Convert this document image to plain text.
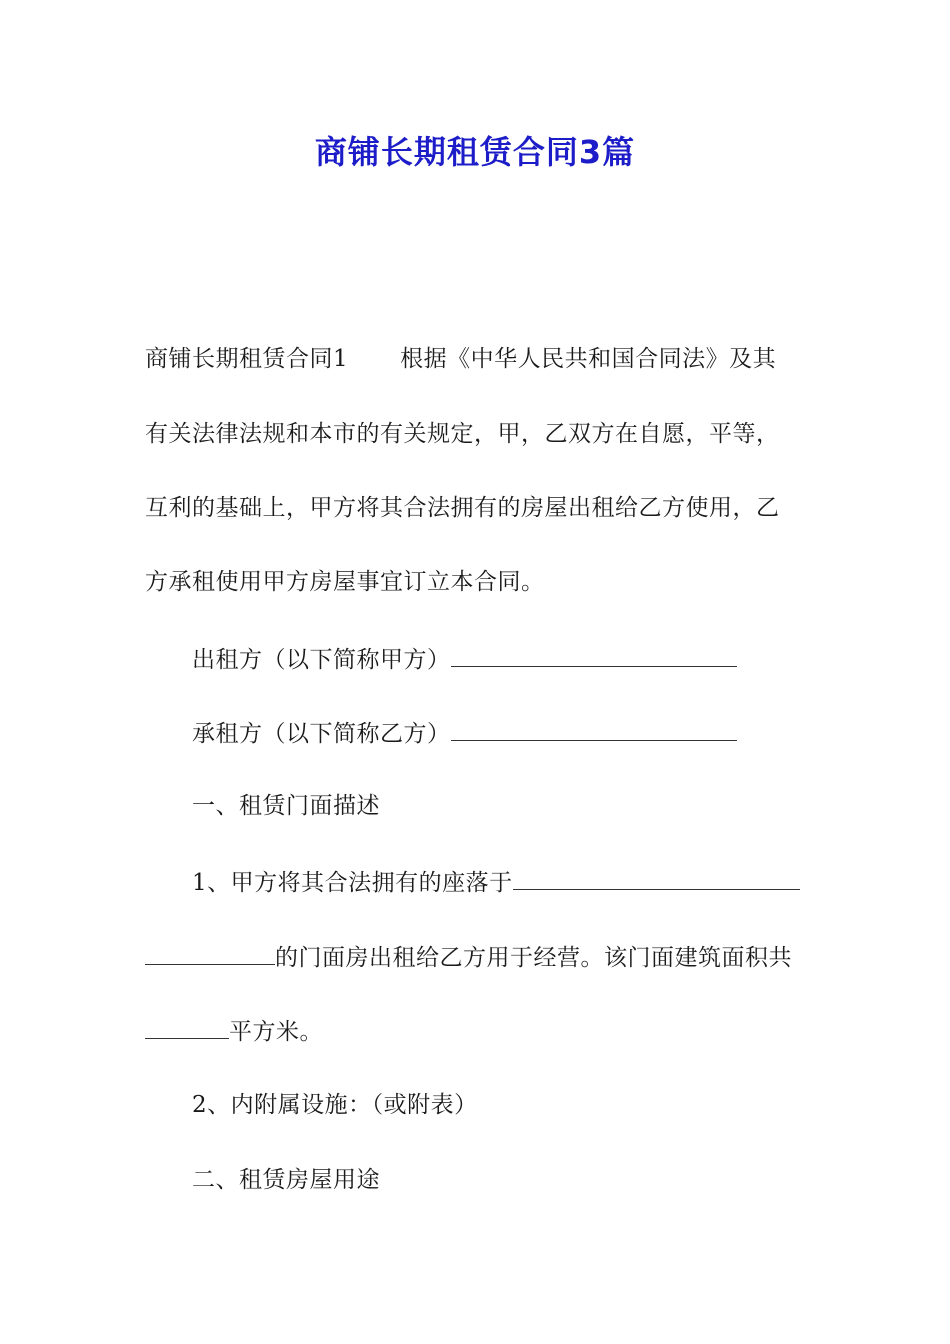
商铺长期租赁合同3篇
商铺长期租赁合同1 根据《中华人民共和国合同法》及其
有关法律法规和本市的有关规定，甲，乙双方在自愿，平等，
互利的基础上，甲方将其合法拥有的房屋出租给乙方使用，乙
方承租使用甲方房屋事宜订立本合同。
出租方（以下简称甲方）
承租方（以下简称乙方）
一、租赁门面描述
1、甲方将其合法拥有的座落于
的门面房出租给乙方用于经营。该门面建筑面积共
平方米。
2、内附属设施：（或附表）
二、租赁房屋用途
